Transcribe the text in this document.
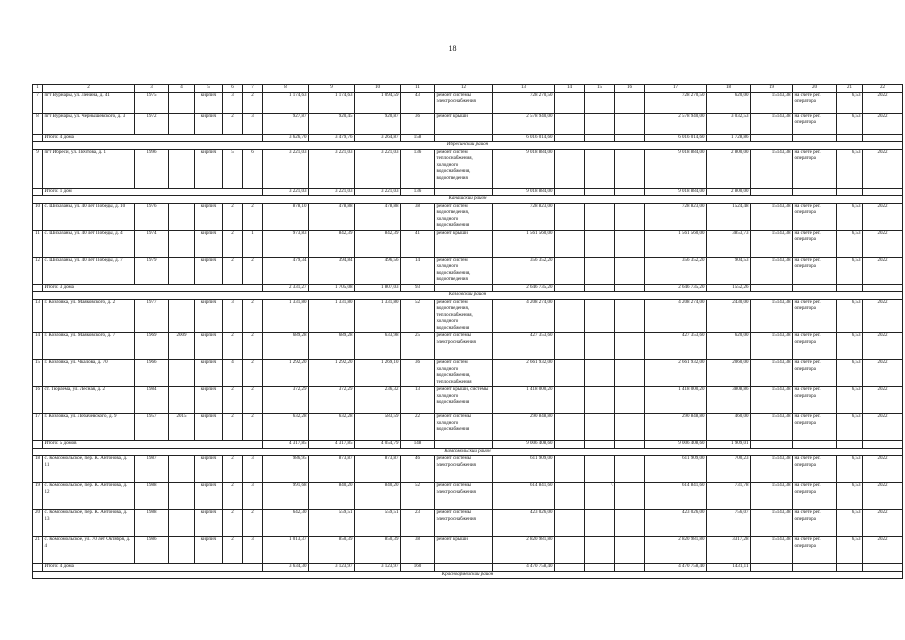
18
1	2	3	4	5	6	7	8	9	10	11	12	13	14	15	16	17	18	19	20	21	22
7	пгт Вурнары, ул. Ленина, д. 41	1975		кирпич	3	2	1 174,63	1 174,63	1 094,59	43	ремонт системы электроснабжения	728 270,50				728 270,50	620,00	15143,38	на счете рег. оператора	6,53	2022
8	пгт Вурнары, ул. Чернышевского, д. 3	1972		кирпич	2	3	927,87	920,45	920,87	36	ремонт крыши	2 578 940,00				2 578 940,00	3 032,53	15143,38	на счете рег. оператора	6,53	2022
	Итого: 4 дома						3 626,70	3 479,76	3 264,87	158		6 016 014,60				6 016 014,60	1 728,86				
Ибресинский район																					
9	пгт Ибреси, ул. Почтова, д. 1	1996		кирпич	5	6	3 221,03	3 221,03	3 221,03	136	ремонт систем теплоснабжения, холодного водоснабжения, водоотведения	9 018 884,00				9 018 884,00	2 800,00	15143,38	на счете рег. оператора	6,53	2022
	Итого: 1 дом						3 221,03	3 221,03	3 221,03	136		9 018 884,00				9 018 884,00	2 800,00				
Канашский район																					
10	с. Шихазаны, ул. 40 лет Победы, д. 10	1976		кирпич	2	2	878,10	478,88	478,88	38	ремонт систем водоотведения, холодного водоснабжения	728 823,00				728 823,00	1524,48	15143,38	на счете рег. оператора	6,53	2022
11	с. Шихазаны, ул. 40 лет Победы, д. 4	1974		кирпич	2	1	973,83	842,39	842,39	41	ремонт крыши	1 561 560,00				1 561 560,00	3853,73	15143,38	на счете рег. оператора	6,53	2022
12	с. Шихазаны, ул. 40 лет Победы, д. 7	1979		кирпич	2	2	479,34	394,84	496,56	14	ремонт систем холодного водоснабжения, водоотведения	356 352,20				356 352,20	904,53	15143,38	на счете рег. оператора	6,53	2022
	Итого: 3 дома						2 331,27	1 705,08	1 807,03	93		2 646 735,20				2 646 735,20	1552,26				
Козловский район																					
13	г. Козловка, ул. Маяковского, д. 2	1977		кирпич	3	2	1 331,80	1 331,80	1 331,80	52	ремонт систем водоотведения, теплоснабжения, холодного водоснабжения	4 208 274,00				4 208 274,00	2430,00	15143,38	на счете рег. оператора	6,53	2022
14	г. Козловка, ул. Маяковского, д. 7	1969	2009	кирпич	2	2	689,28	689,28	633,98	25	ремонт системы электроснабжения	427 353,60				427 353,60	620,00	15143,38	на счете рег. оператора	6,53	2022
15	г. Козловка, ул. Чкалова, д. 70	1966		кирпич	4	2	1 292,20	1 292,20	1 269,10	36	ремонт систем холодного водоснабжения, теплоснабжения	2 661 932,00				2 661 932,00	2060,00	15143,38	на счете рег. оператора	6,53	2022
16	ст. Тюрлема, ул. Лесная, д. 2	1984		кирпич	2	2	372,29	372,29	236,32	13	ремонт крыши, системы холодного водоснабжения	1 418 000,20				1 418 000,20	3808,86	15143,38	на счете рег. оператора	6,53	2022
17	г. Козловка, ул. Лобачевского, д. 9	1957	2015	кирпич	2	2	632,28	632,28	583,59	22	ремонт системы холодного водоснабжения	290 848,80				290 848,80	460,00	15143,38	на счете рег. оператора	6,53	2022
	Итого: 5 домов						4 317,85	4 317,85	4 054,79	148		9 006 408,60				9 006 408,60	1 909,01				
Комсомольский район																					
18	с. Комсомольское, пер. К. Антонова, д. 11	1987		кирпич	2	3	986,95	873,87	873,87	46	ремонт системы электроснабжения	611 909,00				611 909,00	700,23	15143,38	на счете рег. оператора	6,53	2022
19	с. Комсомольское, пер. К. Антонова, д. 12	1988		кирпич	2	3	991,68	840,20	840,20	52	ремонт системы электроснабжения	614 841,60		\		614 841,60	731,78	15143,38	на счете рег. оператора	6,53	2022
20	с. Комсомольское, пер. К. Антонова, д. 13	1988		кирпич	2	2	642,30	559,51	559,51	23	ремонт системы электроснабжения	423 026,00				423 026,00	756,07	15143,38	на счете рег. оператора	6,53	2022
21	с. Комсомольское, ул. 70 лет Октября, д. 4	1986		кирпич	2	3	1 013,37	850,39	850,39	38	ремонт крыши	2 820 981,80				2 820 981,80	3317,28	15143,38	на счете рег. оператора	6,53	2022
	Итого: 4 дома						3 634,30	3 123,97	3 123,97	160		4 470 758,40				4 470 758,40	1431,11				
Красноармейский район																					
